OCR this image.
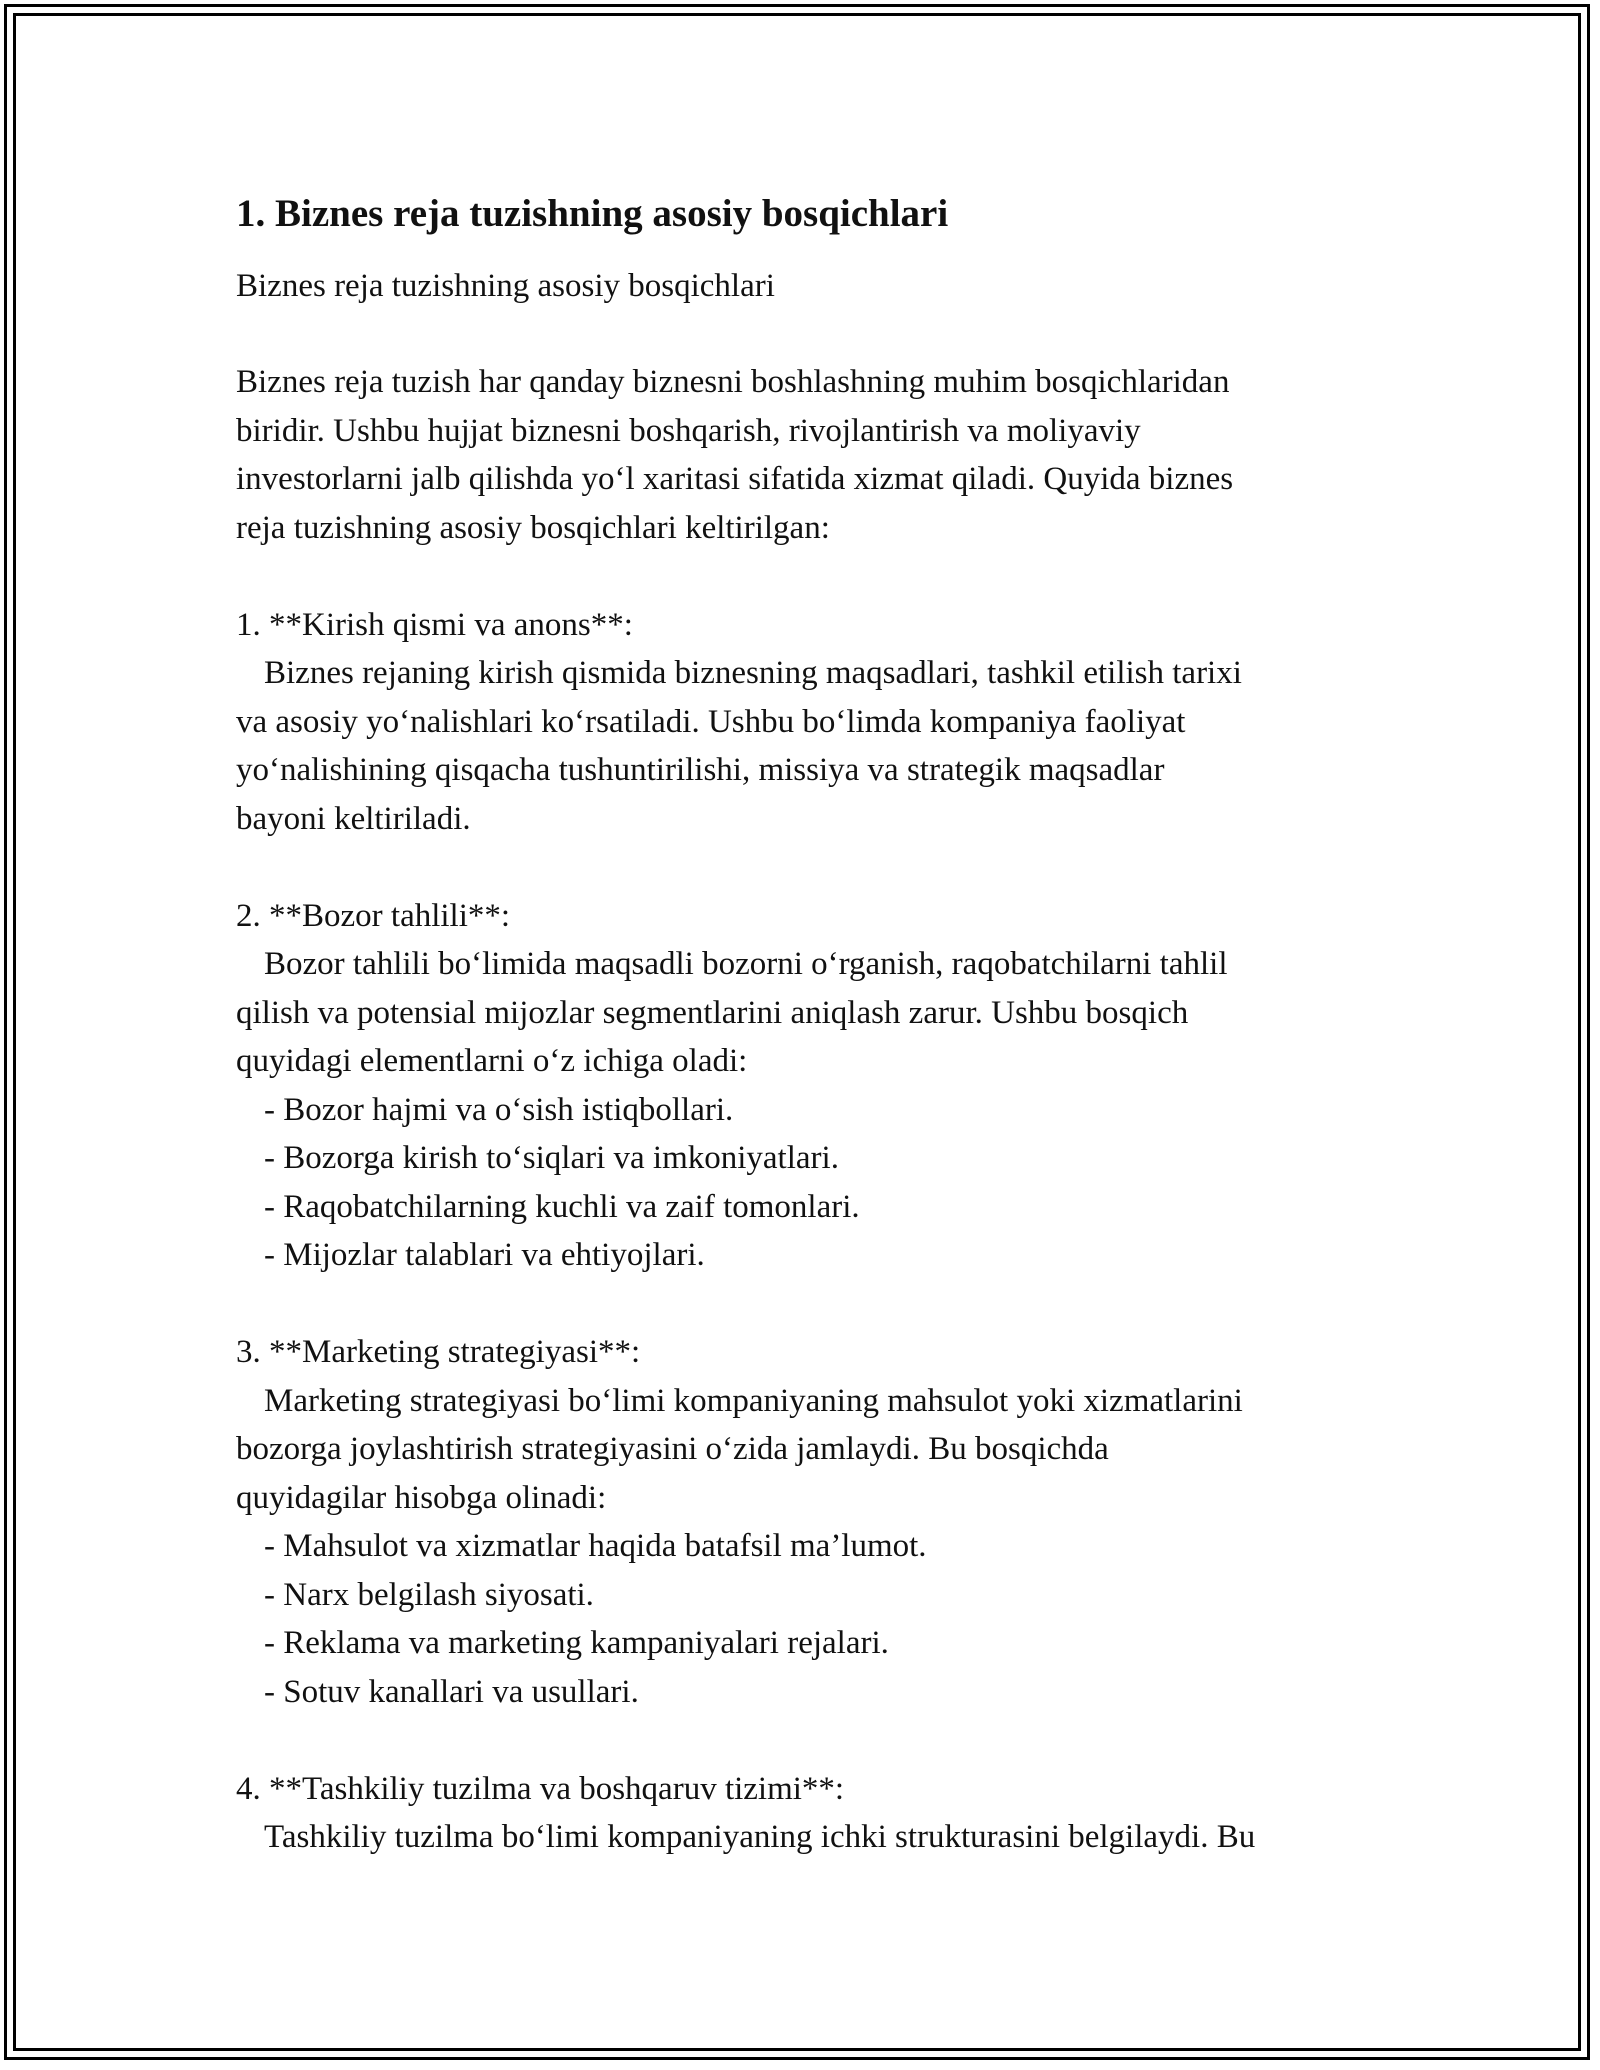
1. Biznes reja tuzishning asosiy bosqichlari
Biznes reja tuzishning asosiy bosqichlari
Biznes reja tuzish har qanday biznesni boshlashning muhim bosqichlaridan
biridir. Ushbu hujjat biznesni boshqarish, rivojlantirish va moliyaviy
investorlarni jalb qilishda yo‘l xaritasi sifatida xizmat qiladi. Quyida biznes
reja tuzishning asosiy bosqichlari keltirilgan:
1. **Kirish qismi va anons**:
Biznes rejaning kirish qismida biznesning maqsadlari, tashkil etilish tarixi
va asosiy yo‘nalishlari ko‘rsatiladi. Ushbu bo‘limda kompaniya faoliyat
yo‘nalishining qisqacha tushuntirilishi, missiya va strategik maqsadlar
bayoni keltiriladi.
2. **Bozor tahlili**:
Bozor tahlili bo‘limida maqsadli bozorni o‘rganish, raqobatchilarni tahlil
qilish va potensial mijozlar segmentlarini aniqlash zarur. Ushbu bosqich
quyidagi elementlarni o‘z ichiga oladi:
- Bozor hajmi va o‘sish istiqbollari.
- Bozorga kirish to‘siqlari va imkoniyatlari.
- Raqobatchilarning kuchli va zaif tomonlari.
- Mijozlar talablari va ehtiyojlari.
3. **Marketing strategiyasi**:
Marketing strategiyasi bo‘limi kompaniyaning mahsulot yoki xizmatlarini
bozorga joylashtirish strategiyasini o‘zida jamlaydi. Bu bosqichda
quyidagilar hisobga olinadi:
- Mahsulot va xizmatlar haqida batafsil ma’lumot.
- Narx belgilash siyosati.
- Reklama va marketing kampaniyalari rejalari.
- Sotuv kanallari va usullari.
4. **Tashkiliy tuzilma va boshqaruv tizimi**:
Tashkiliy tuzilma bo‘limi kompaniyaning ichki strukturasini belgilaydi. Bu
